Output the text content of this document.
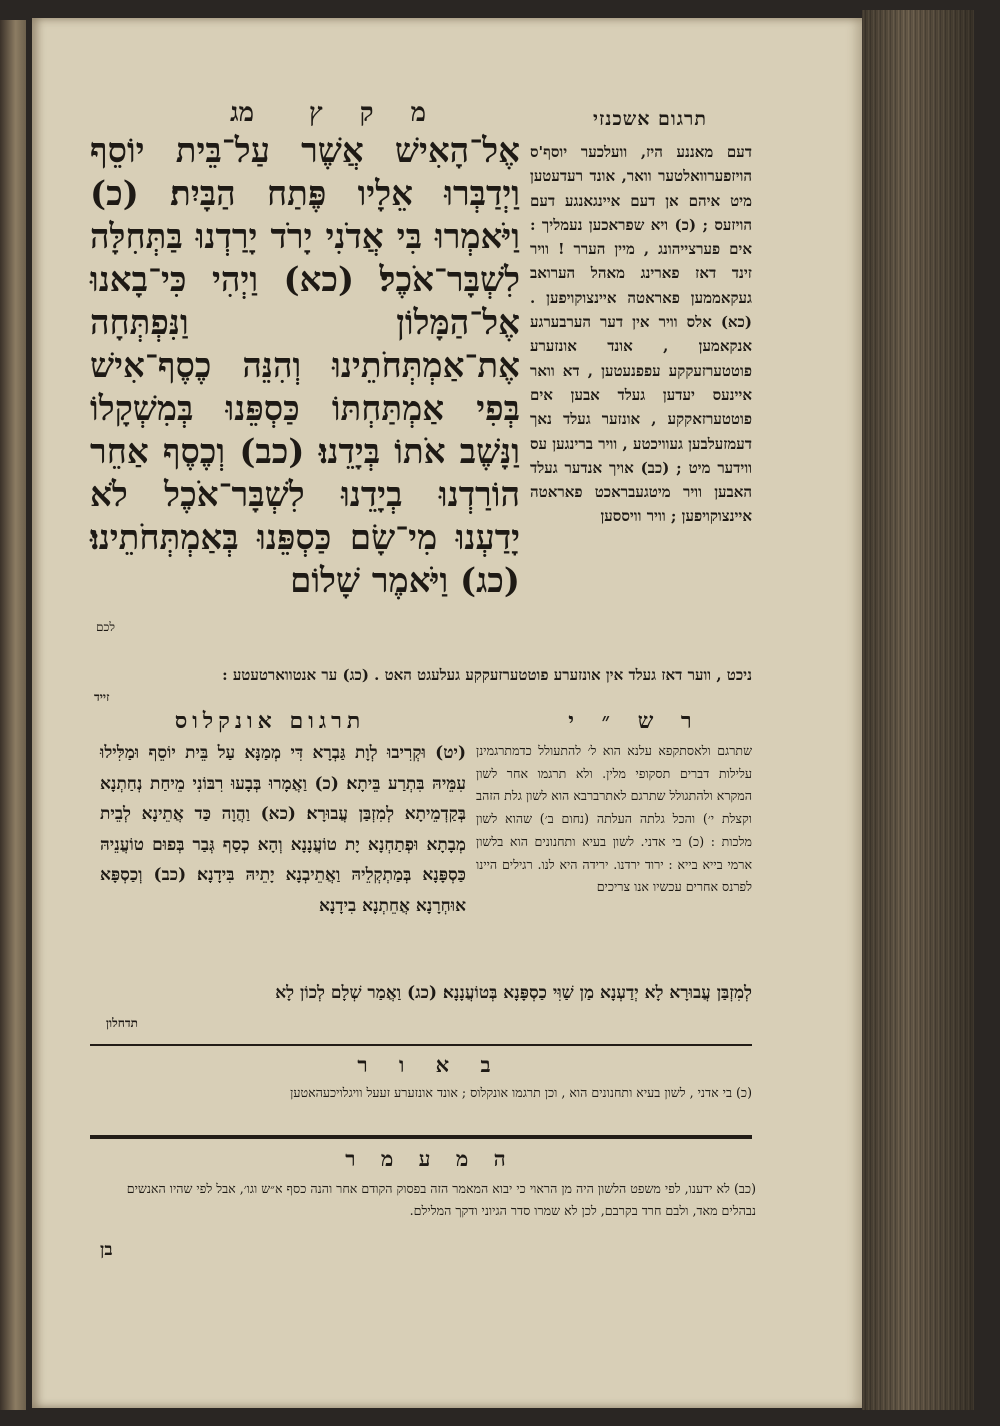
מ ק ץ
מג	תרגום אשכנזי
אֶל־הָאִישׁ אֲשֶׁר עַל־בֵּית יוֹסֵף וַיְדַבְּרוּ אֵלָיו פֶּתַח הַבָּיִת׃ (כ) וַיֹּאמְרוּ בִּי אֲדֹנִי יָרֹד יָרַדְנוּ בַּתְּחִלָּה לִשְׁבָּר־אֹכֶל׃ (כא) וַיְהִי כִּי־בָאנוּ אֶל־הַמָּלוֹן וַנִּפְתְּחָה אֶת־אַמְתְּחֹתֵינוּ וְהִנֵּה כֶסֶף־אִישׁ בְּפִי אַמְתַּחְתּוֹ כַּסְפֵּנוּ בְּמִשְׁקָלוֹ וַנָּשֶׁב אֹתוֹ בְּיָדֵנוּ׃ (כב) וְכֶסֶף אַחֵר הוֹרַדְנוּ בְיָדֵנוּ לִשְׁבָּר־אֹכֶל לֹא יָדַעְנוּ מִי־שָׂם כַּסְפֵּנוּ בְּאַמְתְּחֹתֵינוּ׃ (כג) וַיֹּאמֶר שָׁלוֹם
לכם
דעם מאננע היז, וועלכער יוסף'ס הויזפערוואלטער וואר, אונד רעדעטען מיט איהם אן דעם איינגאנגע דעם הויזעס ; (כ) ויא שפראכען נעמליך : אים פערצייהונג , מיין הערר ! וויר זינד דאז פארינג מאהל הערואב געקאממען פאראטה איינצוקויפען . (כא) אלס וויר אין דער הערבערגע אנקאמען , אונד אונזערע פוטטערזעקקע עפפנעטען , דא וואר איינעס יעדען געלד אבען אים פוטטערזאקקע , אונזער געלד נאך דעמזעלבען געוויכטע , וויר ברינגען עס ווידער מיט ; (כב) אויך אנדער געלד האבען וויר מיטגעבראכט פאראטה איינצוקויפען ; וויר וויססען
ניכט , ווער דאז געלד אין אונזערע פוטטערזעקקע געלעגט האט . (כג) ער אנטווארטעטע :
זייד
תרגום אונקלוס	ר ש ״ י
(יט) וּקְרִיבוּ לְוָת גַּבְרָא דִּי מְמַנָּא עַל בֵּית יוֹסֵף וּמַלִּילוּ עִמֵּיהּ בִּתְרַע בֵּיתָא׃ (כ) וַאֲמָרוּ בְּבָעוּ רִבּוֹנִי מֵיחַת נְחַתְנָא בְּקַדְמֵיתָא לְמִזְבַּן עֲבוּרָא׃ (כא) וַהֲוָה כַּד אֲתֵינָא לְבֵית מְבָתָא וּפְתַחְנָא יָת טוֹעֲנָנָא וְהָא כְסַף גְּבַר בְּפוּם טוֹעֲנֵיהּ כַּסְפָּנָא בְּמַתְקְלֵיהּ וַאֲתֵיבְנָא יָתֵיהּ בִּידָנָא׃ (כב) וְכַסְפָּא אוּחְרָנָא אֲחֵתְנָא בִידָנָא
שתרגם ולאסתקפא עלנא הוא ל׳ להתעולל כדמתרגמינן עלילות דברים תסקופי מלין. ולא תרגמו אחר לשון המקרא ולהתגולל שתרגם לאתרברבא הוא לשון גלת הזהב וקצלת י׳) והכל גלתה העלתה (נחום ב׳) שהוא לשון מלכות : (כ) בי אדני. לשון בעיא ותחנונים הוא בלשון ארמי בייא בייא : ירוד ירדנו. ירידה היא לנו. רגילים היינו לפרנס אחרים עכשיו אנו צריכים
לְמִזְבַּן עֲבוּרָא לָא יְדַעְנָא מַן שַׁוִּי כַסְפָּנָא בְּטוֹעֲנָנָא׃ (כג) וַאֲמַר שְׁלָם לְכוֹן לָא
תדחלון
ב א ו ר
(כ) בי אדני , לשון בעיא ותחנונים הוא , וכן תרגמו אונקלוס ; אונד אונזערע זעעל וויגלויכעהאטען
ה מ ע מ ר
(כב) לא ידענו, לפי משפט הלשון היה מן הראוי כי יבוא המאמר הזה בפסוק הקודם אחר והנה כסף א״ש וגו׳, אבל לפי שהיו האנשים נבהלים מאד, ולבם חרד בקרבם, לכן לא שמרו סדר הגיוני ודקך המלילם.
בן
